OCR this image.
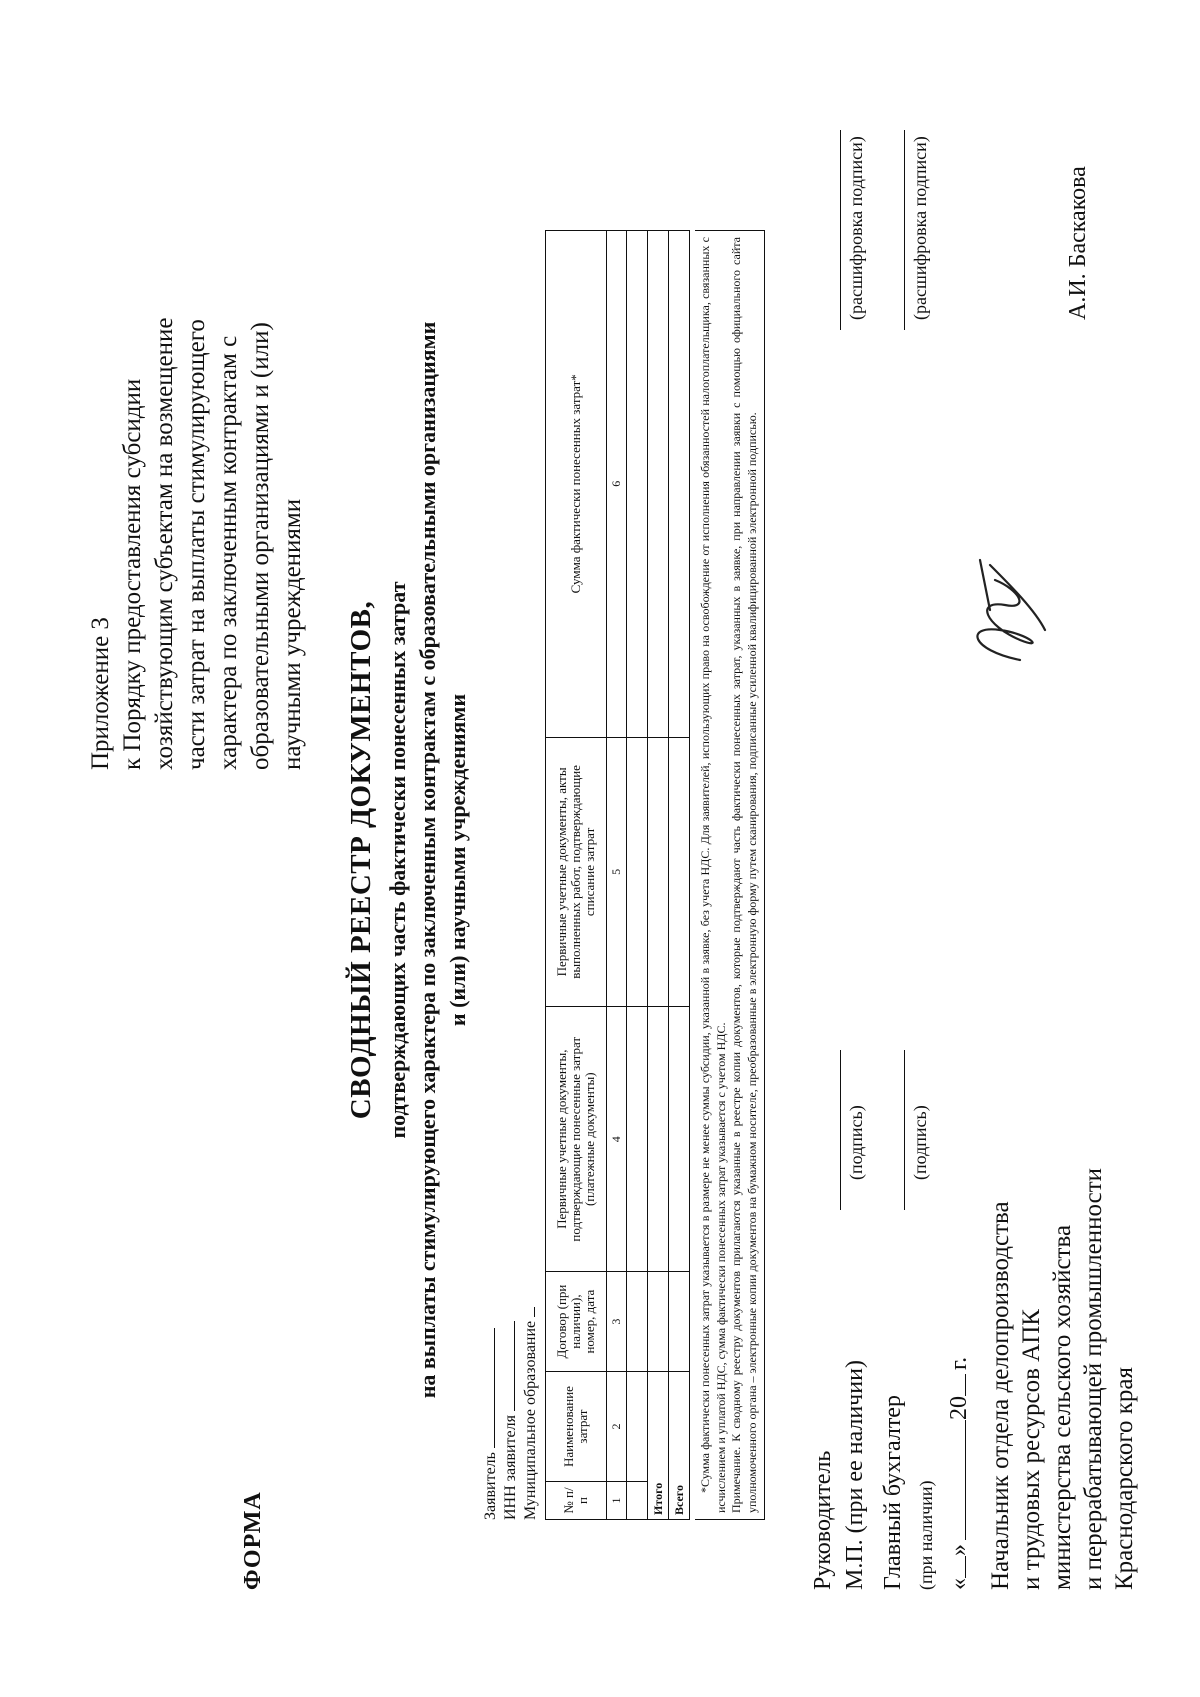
ФОРМА
Приложение 3 к Порядку предоставления субсидии хозяйствующим субъектам на возмещение части затрат на выплаты стимулирующего характера по заключенным контрактам с образовательными организациями и (или) научными учреждениями СВОДНЫЙ РЕЕСТР ДОКУМЕНТОВ, подтверждающих часть фактически понесенных затрат на выплаты стимулирующего характера по заключенным контрактам с образовательными организациями и (или) научными учреждениями
Заявитель ИНН заявителя Муниципальное образование № п/п	Наименование затрат	Договор (при наличии), номер, дата	Первичные учетные документы, подтверждающие понесенные затрат (платежные документы)	Первичные учетные документы, акты выполненных работ, подтверждающие списание затрат	Сумма фактически понесенных затрат*
1	2	3	4	5	6

Итого					
Всего					
*Сумма фактически понесенных затрат указывается в размере не менее суммы субсидии, указанной в заявке, без учета НДС. Для заявителей, использующих право на освобождение от исполнения обязанностей налогоплательщика, связанных с исчислением и уплатой НДС, сумма фактически понесенных затрат указывается с учетом НДС. Примечание. К сводному реестру документов прилагаются указанные в реестре копии документов, которые подтверждают часть фактически понесенных затрат, указанных в заявке, при направлении заявки с помощью официального сайта уполномоченного органа – электронные копии документов на бумажном носителе, преобразованные в электронную форму путем сканирования, подписанные усиленной квалифицированной электронной подписью.
Руководитель М.П. (при ее наличии)
(подпись)
(расшифровка подписи)
Главный бухгалтер (при наличии)
(подпись)
(расшифровка подписи)
«»20г. Начальник отдела делопроизводства и трудовых ресурсов АПК министерства сельского хозяйства и перерабатывающей промышленности Краснодарского края
А.И. Баскакова
